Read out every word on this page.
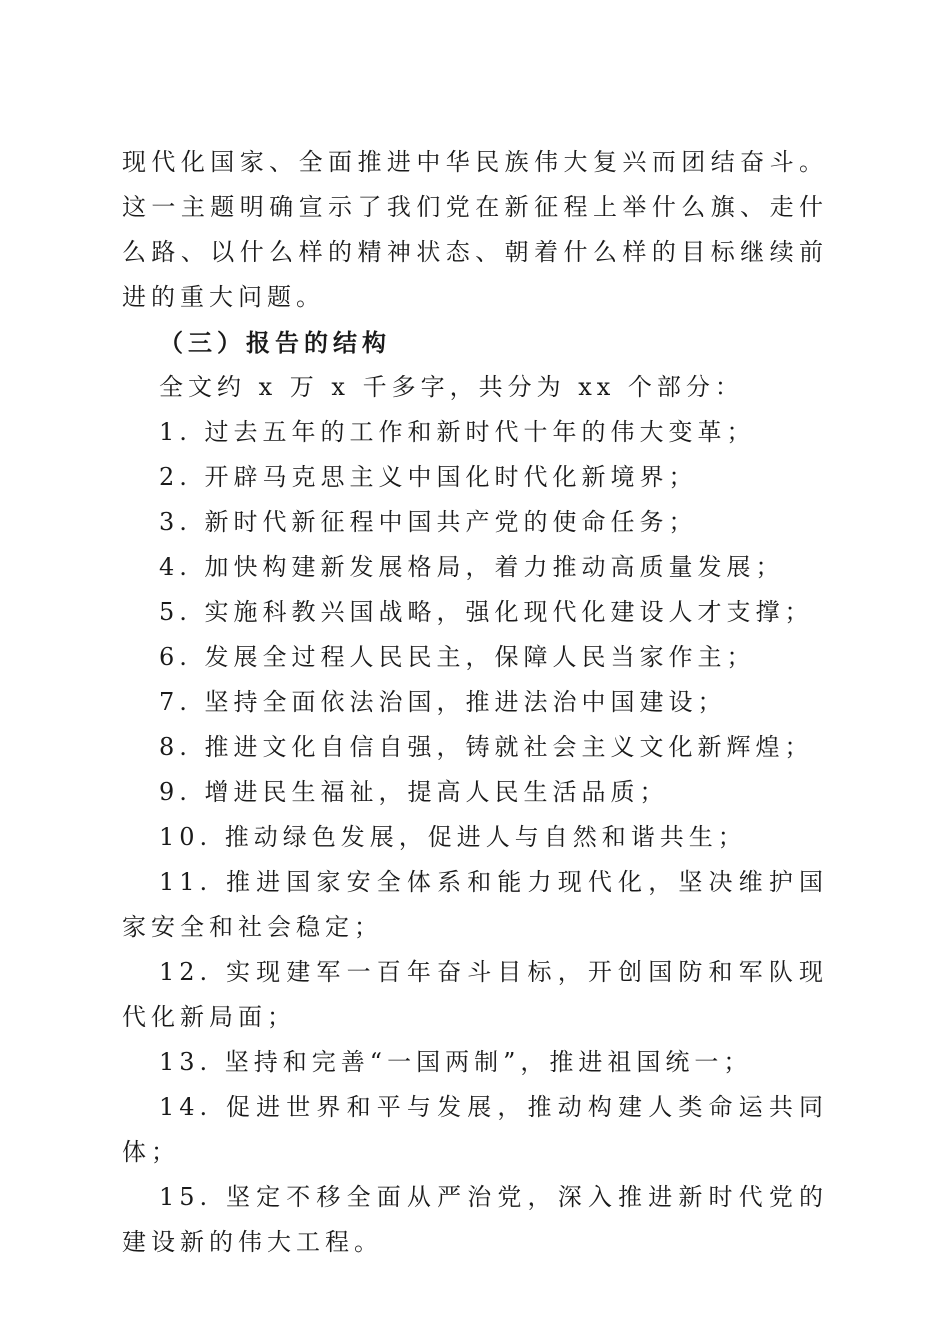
现代化国家、全面推进中华民族伟大复兴而团结奋斗。这一主题明确宣示了我们党在新征程上举什么旗、走什么路、以什么样的精神状态、朝着什么样的目标继续前进的重大问题。

（三）报告的结构

全文约 x 万 x 千多字，共分为 xx 个部分：

1. 过去五年的工作和新时代十年的伟大变革；

2. 开辟马克思主义中国化时代化新境界；

3. 新时代新征程中国共产党的使命任务；

4. 加快构建新发展格局，着力推动高质量发展；

5. 实施科教兴国战略，强化现代化建设人才支撑；

6. 发展全过程人民民主，保障人民当家作主；

7. 坚持全面依法治国，推进法治中国建设；

8. 推进文化自信自强，铸就社会主义文化新辉煌；

9. 增进民生福祉，提高人民生活品质；

10. 推动绿色发展，促进人与自然和谐共生；

11. 推进国家安全体系和能力现代化，坚决维护国家安全和社会稳定；

12. 实现建军一百年奋斗目标，开创国防和军队现代化新局面；

13. 坚持和完善“一国两制”，推进祖国统一；

14. 促进世界和平与发展，推动构建人类命运共同体；

15. 坚定不移全面从严治党，深入推进新时代党的建设新的伟大工程。
